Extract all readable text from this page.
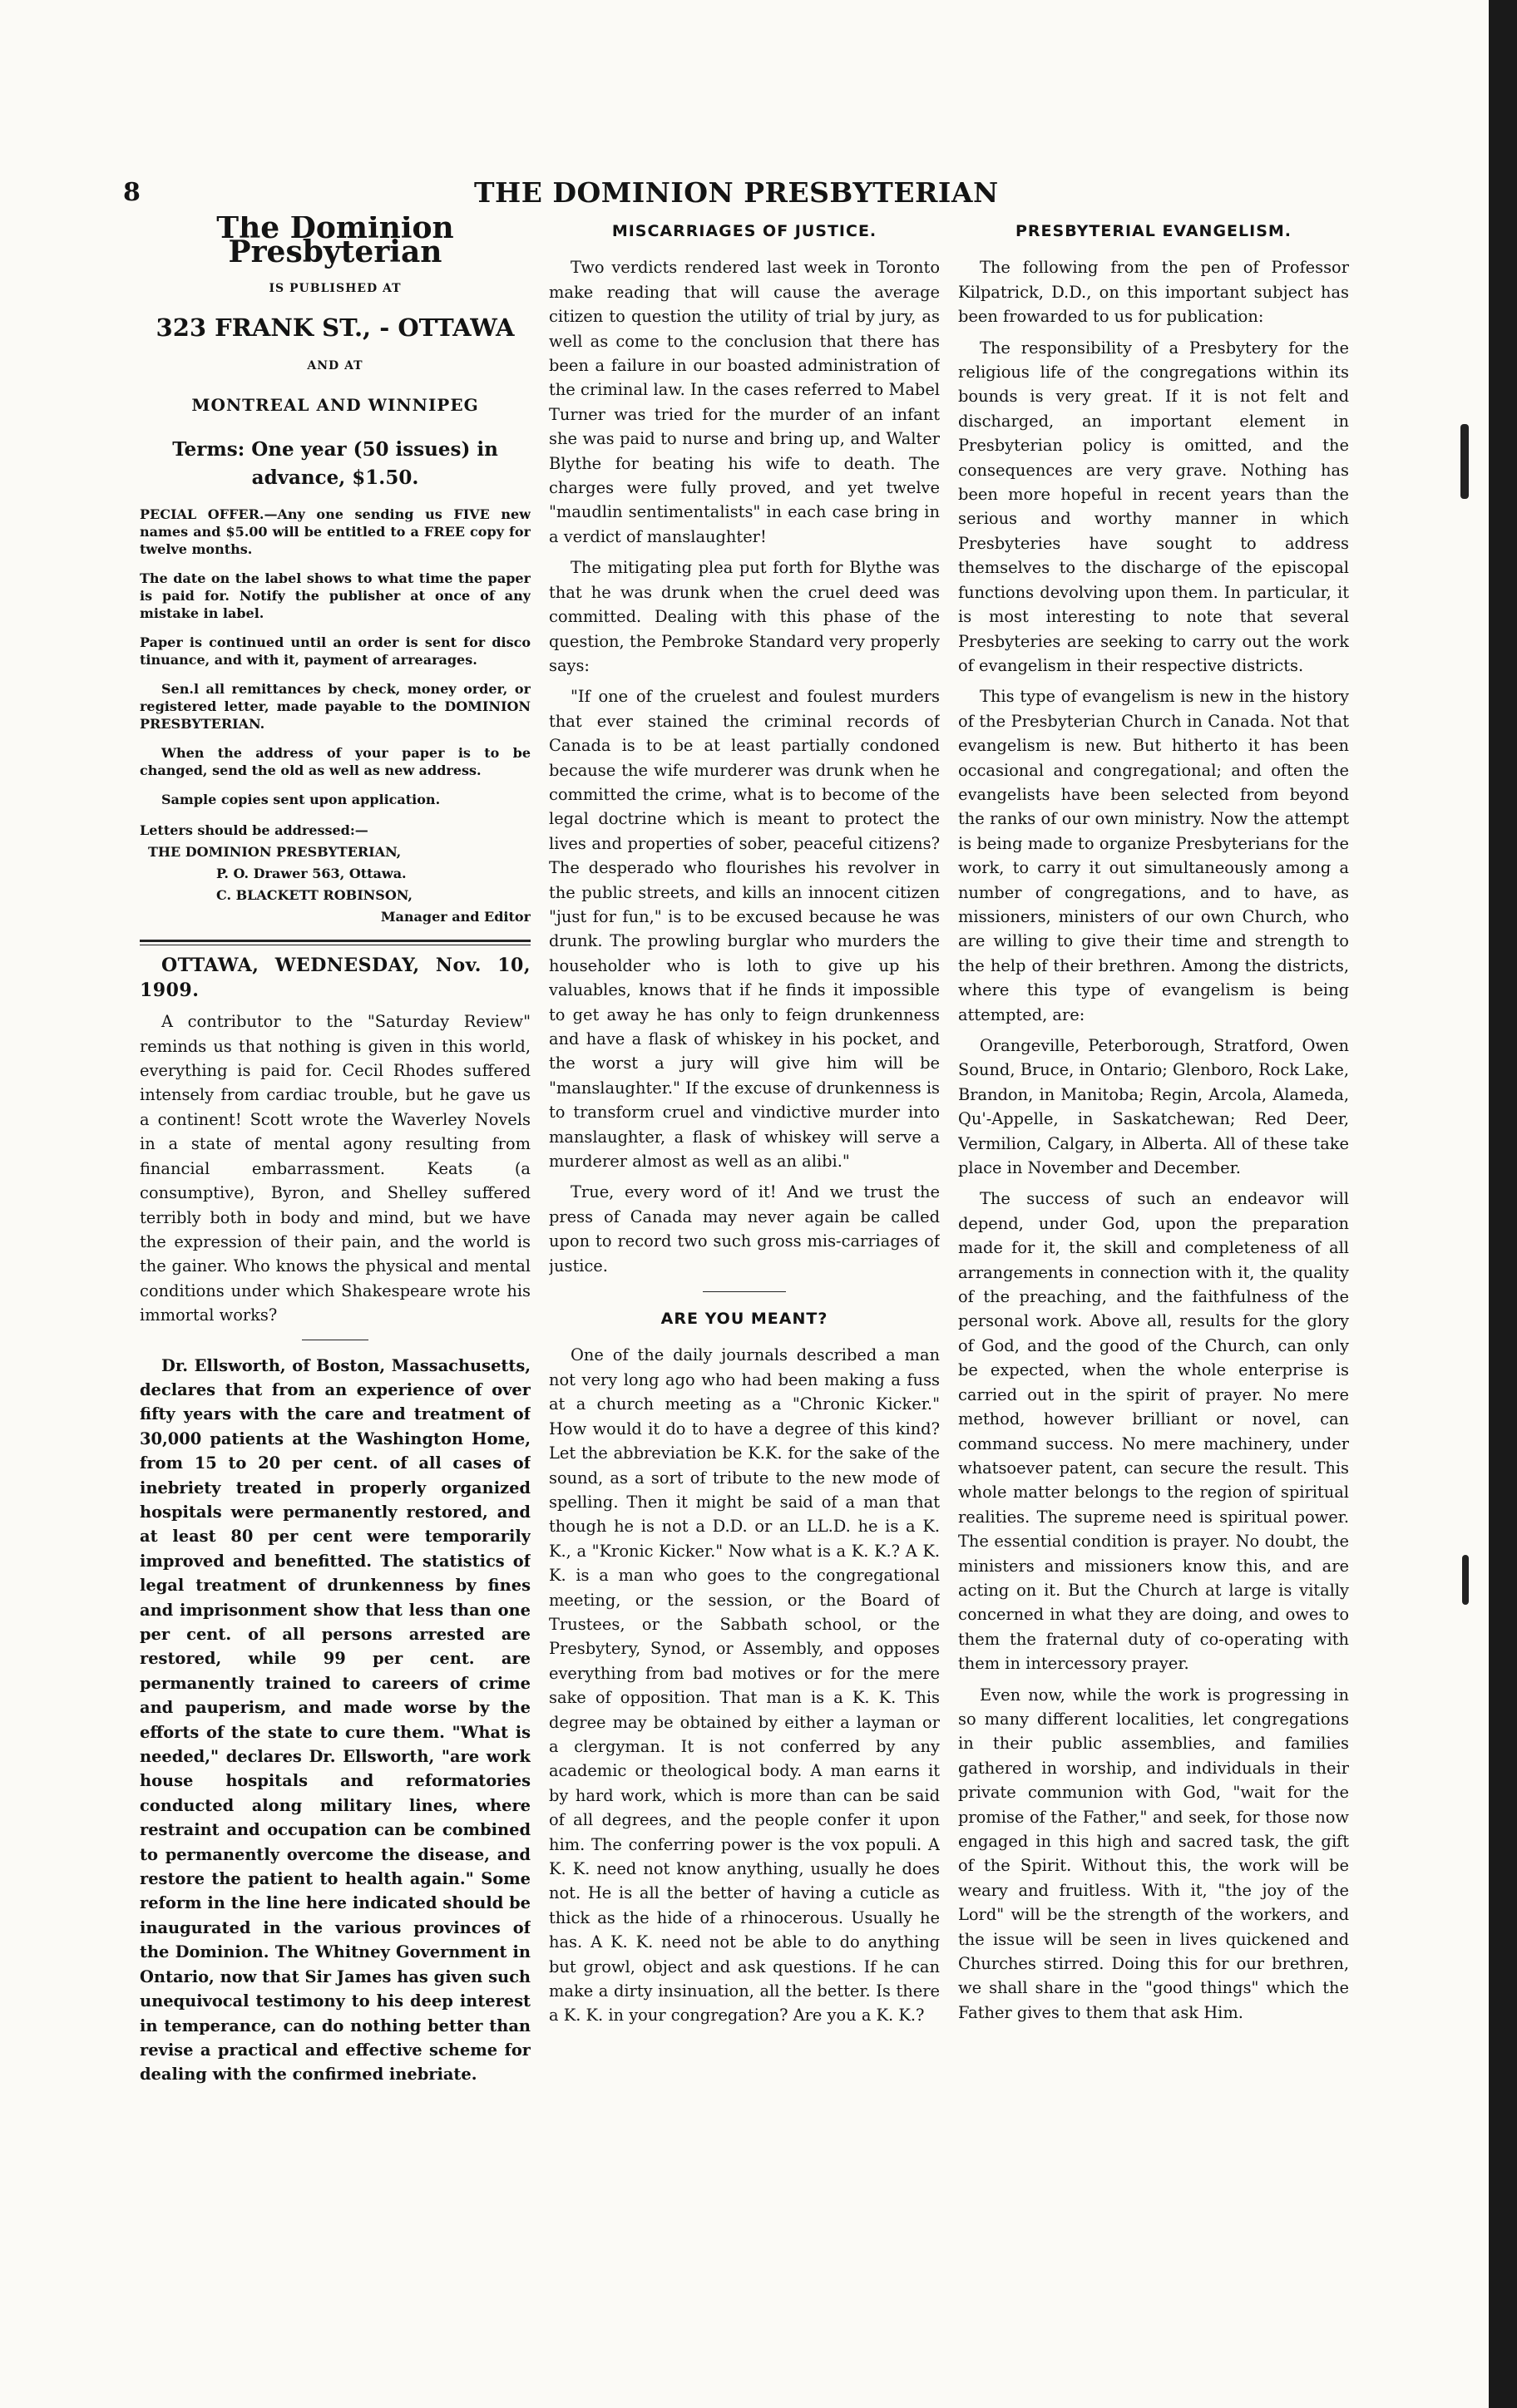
8	THE DOMINION PRESBYTERIAN
The Dominion Presbyterian
IS PUBLISHED AT
323 FRANK ST., - OTTAWA
AND AT
MONTREAL AND WINNIPEG
Terms: One year (50 issues) in advance, $1.50.
PECIAL OFFER.—Any one sending us FIVE new names and $5.00 will be entitled to a FREE copy for twelve months.
The date on the label shows to what time the paper is paid for. Notify the publisher at once of any mistake in label.
Paper is continued until an order is sent for disco tinuance, and with it, payment of arrearages.
Sen.l all remittances by check, money order, or registered letter, made payable to the DOMINION PRESBYTERIAN.
When the address of your paper is to be changed, send the old as well as new address.
Sample copies sent upon application.
Letters should be addressed:—
THE DOMINION PRESBYTERIAN,
P. O. Drawer 563, Ottawa.
C. BLACKETT ROBINSON,
Manager and Editor

OTTAWA, WEDNESDAY, Nov. 10, 1909.

A contributor to the "Saturday Review" reminds us that nothing is given in this world, everything is paid for. Cecil Rhodes suffered intensely from cardiac trouble, but he gave us a continent! Scott wrote the Waverley Novels in a state of mental agony resulting from financial embarrassment. Keats (a consumptive), Byron, and Shelley suffered terribly both in body and mind, but we have the expression of their pain, and the world is the gainer. Who knows the physical and mental conditions under which Shakespeare wrote his immortal works?

Dr. Ellsworth, of Boston, Massachusetts, declares that from an experience of over fifty years with the care and treatment of 30,000 patients at the Washington Home, from 15 to 20 per cent. of all cases of inebriety treated in properly organized hospitals were permanently restored, and at least 80 per cent were temporarily improved and benefitted. The statistics of legal treatment of drunkenness by fines and imprisonment show that less than one per cent. of all persons arrested are restored, while 99 per cent. are permanently trained to careers of crime and pauperism, and made worse by the efforts of the state to cure them. "What is needed," declares Dr. Ellsworth, "are work house hospitals and reformatories conducted along military lines, where restraint and occupation can be combined to permanently overcome the disease, and restore the patient to health again." Some reform in the line here indicated should be inaugurated in the various provinces of the Dominion. The Whitney Government in Ontario, now that Sir James has given such unequivocal testimony to his deep interest in temperance, can do nothing better than revise a practical and effective scheme for dealing with the confirmed inebriate.

MISCARRIAGES OF JUSTICE.

Two verdicts rendered last week in Toronto make reading that will cause the average citizen to question the utility of trial by jury, as well as come to the conclusion that there has been a failure in our boasted administration of the criminal law. In the cases referred to Mabel Turner was tried for the murder of an infant she was paid to nurse and bring up, and Walter Blythe for beating his wife to death. The charges were fully proved, and yet twelve "maudlin sentimentalists" in each case bring in a verdict of manslaughter!

The mitigating plea put forth for Blythe was that he was drunk when the cruel deed was committed. Dealing with this phase of the question, the Pembroke Standard very properly says:

"If one of the cruelest and foulest murders that ever stained the criminal records of Canada is to be at least partially condoned because the wife murderer was drunk when he committed the crime, what is to become of the legal doctrine which is meant to protect the lives and properties of sober, peaceful citizens? The desperado who flourishes his revolver in the public streets, and kills an innocent citizen "just for fun," is to be excused because he was drunk. The prowling burglar who murders the householder who is loth to give up his valuables, knows that if he finds it impossible to get away he has only to feign drunkenness and have a flask of whiskey in his pocket, and the worst a jury will give him will be "manslaughter." If the excuse of drunkenness is to transform cruel and vindictive murder into manslaughter, a flask of whiskey will serve a murderer almost as well as an alibi."

True, every word of it! And we trust the press of Canada may never again be called upon to record two such gross mis-carriages of justice.

ARE YOU MEANT?

One of the daily journals described a man not very long ago who had been making a fuss at a church meeting as a "Chronic Kicker." How would it do to have a degree of this kind? Let the abbreviation be K.K. for the sake of the sound, as a sort of tribute to the new mode of spelling. Then it might be said of a man that though he is not a D.D. or an LL.D. he is a K. K., a "Kronic Kicker." Now what is a K. K.? A K. K. is a man who goes to the congregational meeting, or the session, or the Board of Trustees, or the Sabbath school, or the Presbytery, Synod, or Assembly, and opposes everything from bad motives or for the mere sake of opposition. That man is a K. K. This degree may be obtained by either a layman or a clergyman. It is not conferred by any academic or theological body. A man earns it by hard work, which is more than can be said of all degrees, and the people confer it upon him. The conferring power is the vox populi. A K. K. need not know anything, usually he does not. He is all the better of having a cuticle as thick as the hide of a rhinocerous. Usually he has. A K. K. need not be able to do anything but growl, object and ask questions. If he can make a dirty insinuation, all the better. Is there a K. K. in your congregation? Are you a K. K.?

PRESBYTERIAL EVANGELISM.

The following from the pen of Professor Kilpatrick, D.D., on this important subject has been frowarded to us for publication:

The responsibility of a Presbytery for the religious life of the congregations within its bounds is very great. If it is not felt and discharged, an important element in Presbyterian policy is omitted, and the consequences are very grave. Nothing has been more hopeful in recent years than the serious and worthy manner in which Presbyteries have sought to address themselves to the discharge of the episcopal functions devolving upon them. In particular, it is most interesting to note that several Presbyteries are seeking to carry out the work of evangelism in their respective districts.

This type of evangelism is new in the history of the Presbyterian Church in Canada. Not that evangelism is new. But hitherto it has been occasional and congregational; and often the evangelists have been selected from beyond the ranks of our own ministry. Now the attempt is being made to organize Presbyterians for the work, to carry it out simultaneously among a number of congregations, and to have, as missioners, ministers of our own Church, who are willing to give their time and strength to the help of their brethren. Among the districts, where this type of evangelism is being attempted, are:

Orangeville, Peterborough, Stratford, Owen Sound, Bruce, in Ontario; Glenboro, Rock Lake, Brandon, in Manitoba; Regin, Arcola, Alameda, Qu'-Appelle, in Saskatchewan; Red Deer, Vermilion, Calgary, in Alberta. All of these take place in November and December.

The success of such an endeavor will depend, under God, upon the preparation made for it, the skill and completeness of all arrangements in connection with it, the quality of the preaching, and the faithfulness of the personal work. Above all, results for the glory of God, and the good of the Church, can only be expected, when the whole enterprise is carried out in the spirit of prayer. No mere method, however brilliant or novel, can command success. No mere machinery, under whatsoever patent, can secure the result. This whole matter belongs to the region of spiritual realities. The supreme need is spiritual power. The essential condition is prayer. No doubt, the ministers and missioners know this, and are acting on it. But the Church at large is vitally concerned in what they are doing, and owes to them the fraternal duty of co-operating with them in intercessory prayer.

Even now, while the work is progressing in so many different localities, let congregations in their public assemblies, and families gathered in worship, and individuals in their private communion with God, "wait for the promise of the Father," and seek, for those now engaged in this high and sacred task, the gift of the Spirit. Without this, the work will be weary and fruitless. With it, "the joy of the Lord" will be the strength of the workers, and the issue will be seen in lives quickened and Churches stirred. Doing this for our brethren, we shall share in the "good things" which the Father gives to them that ask Him.
